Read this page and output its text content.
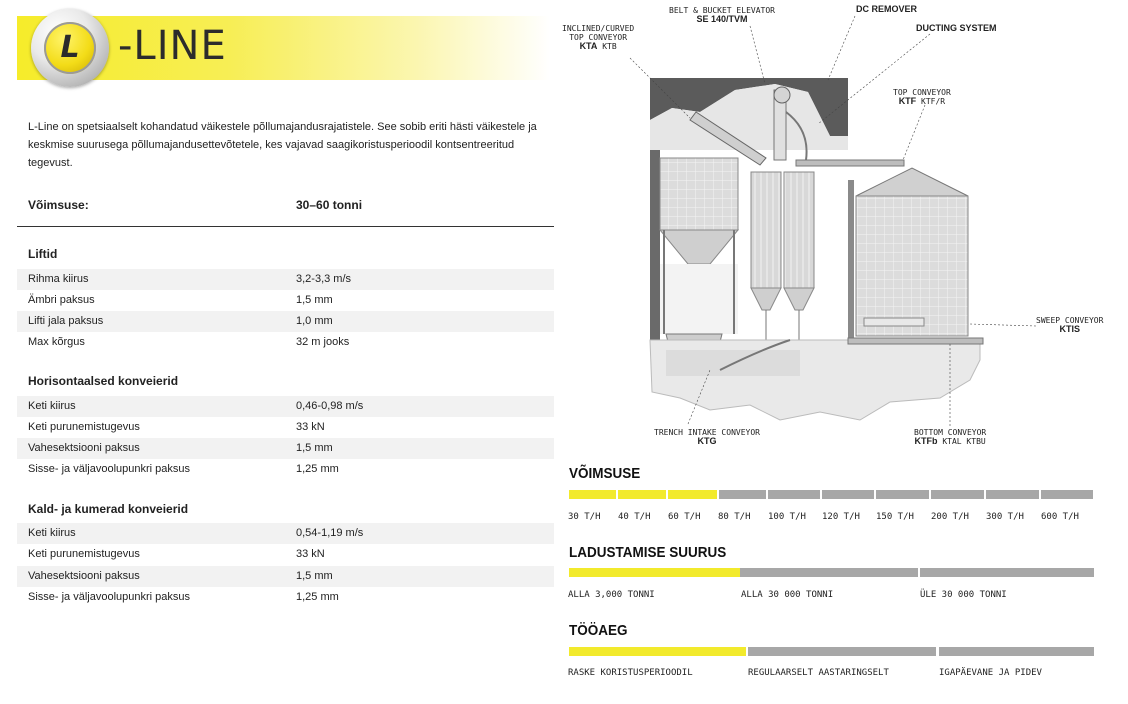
L -LINE

L-Line on spetsiaalselt kohandatud väikestele põllumajandusrajatistele. See sobib eriti hästi väikestele ja keskmise suurusega põllumajandusettevõtetele, kes vajavad saagikoristusperioodil kontsentreeritud tegevust.

Võimsuse:	30–60 tonni
Liftid
Rihma kiirus	3,2-3,3 m/s
Ämbri paksus	1,5 mm
Lifti jala paksus	1,0 mm
Max kõrgus	32 m jooks
Horisontaalsed konveierid
Keti kiirus	0,46-0,98 m/s
Keti purunemistugevus	33 kN
Vahesektsiooni paksus	1,5 mm
Sisse- ja väljavoolupunkri paksus	1,25 mm
Kald- ja kumerad konveierid
Keti kiirus	0,54-1,19 m/s
Keti purunemistugevus	33 kN
Vahesektsiooni paksus	1,5 mm
Sisse- ja väljavoolupunkri paksus	1,25 mm
INCLINED/CURVED
TOP CONVEYOR
KTA KTB
BELT & BUCKET ELEVATOR
SE 140/TVM
DC REMOVER
DUCTING SYSTEM
TOP CONVEYOR
KTF KTF/R
SWEEP CONVEYOR
KTIS
TRENCH INTAKE CONVEYOR
KTG
BOTTOM CONVEYOR
KTFb KTAL KTBU
VÕIMSUSE
30 T/H 40 T/H 60 T/H 80 T/H 100 T/H 120 T/H 150 T/H 200 T/H 300 T/H 600 T/H
LADUSTAMISE SUURUS
ALLA 3,000 TONNI	ALLA 30 000 TONNI	ÜLE 30 000 TONNI
TÖÖAEG
RASKE KORISTUSPERIOODIL	REGULAARSELT AASTARINGSELT	IGAPÄEVANE JA PIDEV
